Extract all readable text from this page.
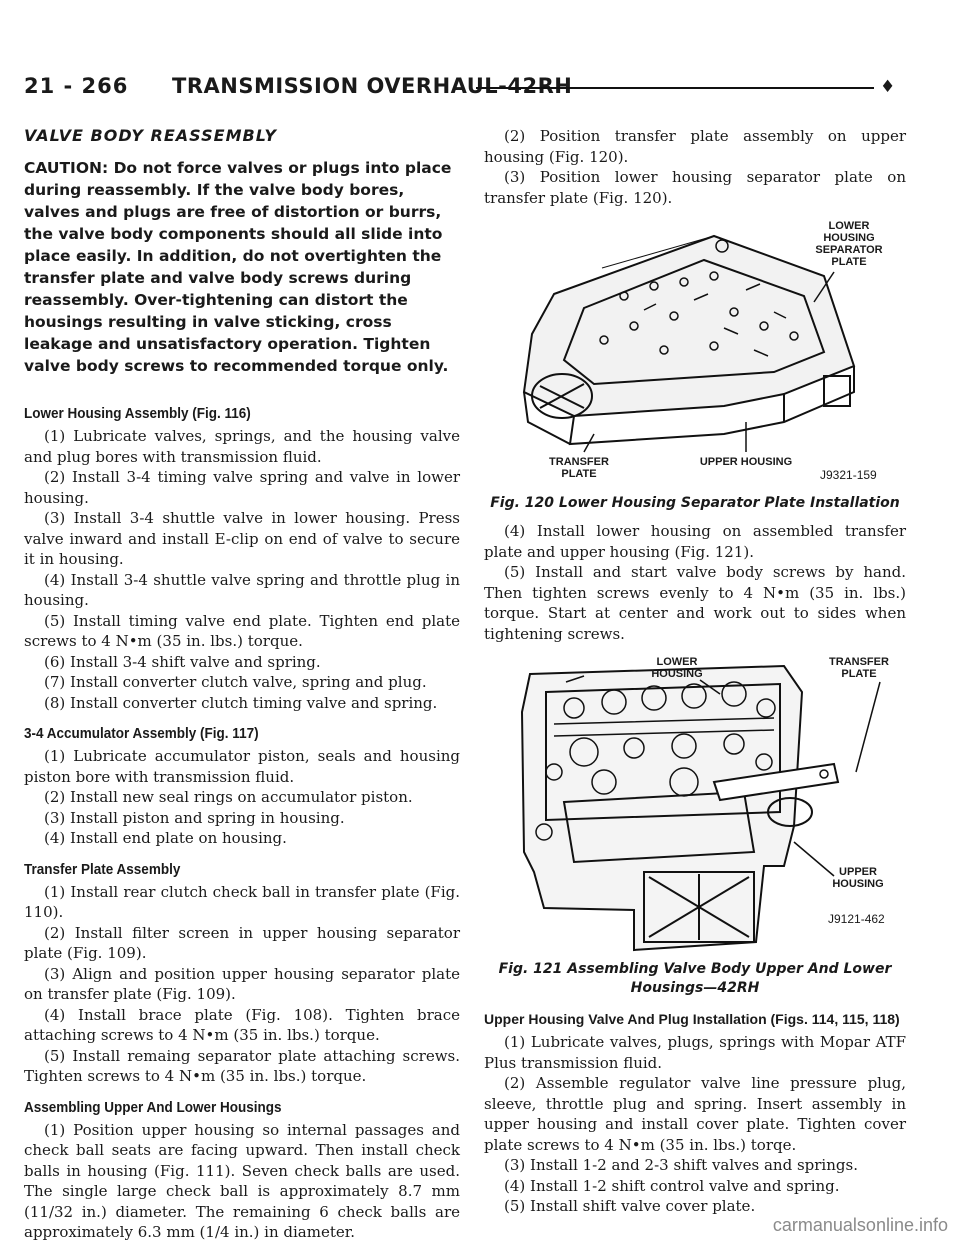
21 - 266 TRANSMISSION OVERHAUL-42RH	♦
VALVE BODY REASSEMBLY
CAUTION: Do not force valves or plugs into place during reassembly. If the valve body bores, valves and plugs are free of distortion or burrs, the valve body components should all slide into place easily. In addition, do not overtighten the transfer plate and valve body screws during reassembly. Over-tightening can distort the housings resulting in valve sticking, cross leakage and unsatisfactory operation. Tighten valve body screws to recommended torque only.
Lower Housing Assembly (Fig. 116)

(1) Lubricate valves, springs, and the housing valve and plug bores with transmission fluid.

(2) Install 3-4 timing valve spring and valve in lower housing.

(3) Install 3-4 shuttle valve in lower housing. Press valve inward and install E-clip on end of valve to secure it in housing.

(4) Install 3-4 shuttle valve spring and throttle plug in housing.

(5) Install timing valve end plate. Tighten end plate screws to 4 N•m (35 in. lbs.) torque.

(6) Install 3-4 shift valve and spring.

(7) Install converter clutch valve, spring and plug.

(8) Install converter clutch timing valve and spring.

3-4 Accumulator Assembly (Fig. 117)

(1) Lubricate accumulator piston, seals and housing piston bore with transmission fluid.

(2) Install new seal rings on accumulator piston.

(3) Install piston and spring in housing.

(4) Install end plate on housing.

Transfer Plate Assembly

(1) Install rear clutch check ball in transfer plate (Fig. 110).

(2) Install filter screen in upper housing separator plate (Fig. 109).

(3) Align and position upper housing separator plate on transfer plate (Fig. 109).

(4) Install brace plate (Fig. 108). Tighten brace attaching screws to 4 N•m (35 in. lbs.) torque.

(5) Install remaing separator plate attaching screws. Tighten screws to 4 N•m (35 in. lbs.) torque.

Assembling Upper And Lower Housings

(1) Position upper housing so internal passages and check ball seats are facing upward. Then install check balls in housing (Fig. 111). Seven check balls are used. The single large check ball is approximately 8.7 mm (11/32 in.) diameter. The remaining 6 check balls are approximately 6.3 mm (1/4 in.) in diameter.

(2) Position transfer plate assembly on upper housing (Fig. 120).

(3) Position lower housing separator plate on transfer plate (Fig. 120).

LOWER HOUSING SEPARATOR PLATE
TRANSFER PLATE
UPPER HOUSING
J9321-159
Fig. 120 Lower Housing Separator Plate Installation

(4) Install lower housing on assembled transfer plate and upper housing (Fig. 121).

(5) Install and start valve body screws by hand. Then tighten screws evenly to 4 N•m (35 in. lbs.) torque. Start at center and work out to sides when tightening screws.

LOWER HOUSING
TRANSFER PLATE
UPPER HOUSING
J9121-462
Fig. 121 Assembling Valve Body Upper And Lower Housings—42RH
Upper Housing Valve And Plug Installation (Figs. 114, 115, 118)

(1) Lubricate valves, plugs, springs with Mopar ATF Plus transmission fluid.

(2) Assemble regulator valve line pressure plug, sleeve, throttle plug and spring. Insert assembly in upper housing and install cover plate. Tighten cover plate screws to 4 N•m (35 in. lbs.) torqe.

(3) Install 1-2 and 2-3 shift valves and springs.

(4) Install 1-2 shift control valve and spring.

(5) Install shift valve cover plate.

carmanualsonline.info
